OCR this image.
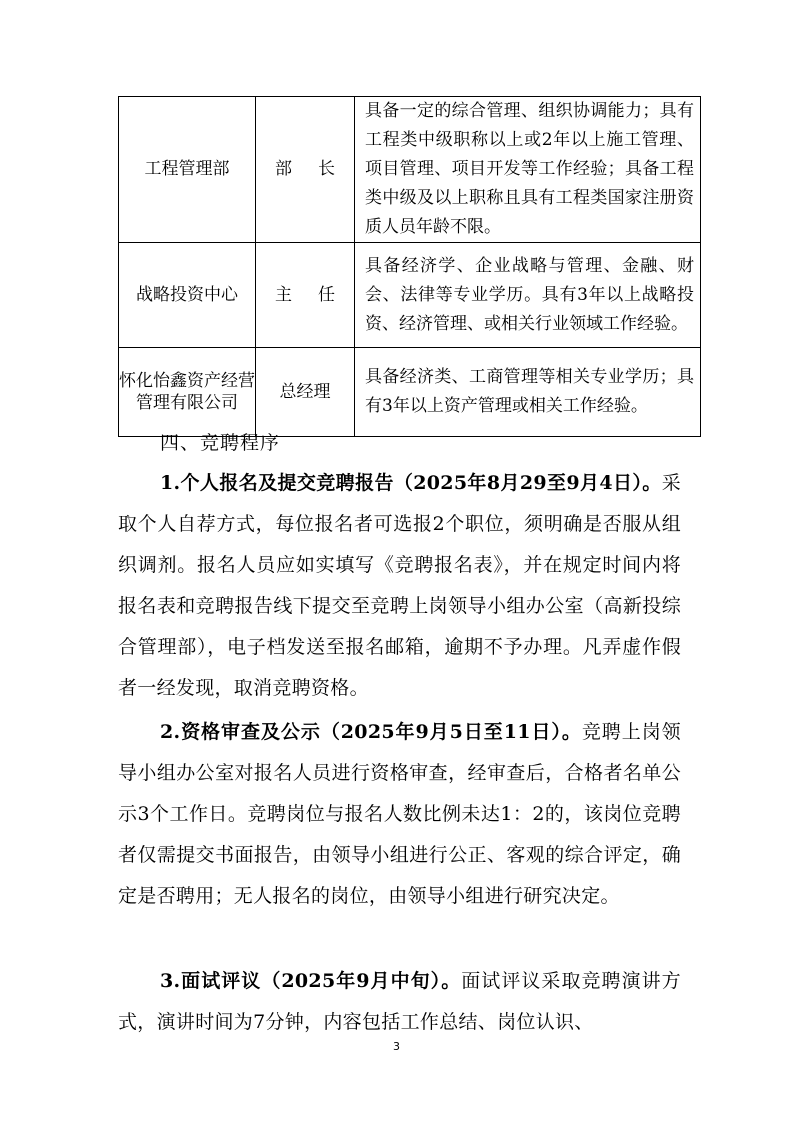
工程管理部	部长	具备一定的综合管理、组织协调能力；具有工程类中级职称以上或2年以上施工管理、项目管理、项目开发等工作经验；具备工程类中级及以上职称且具有工程类国家注册资质人员年龄不限。
战略投资中心	主任	具备经济学、企业战略与管理、金融、财会、法律等专业学历。具有3年以上战略投资、经济管理、或相关行业领域工作经验。
怀化怡鑫资产经营管理有限公司	总经理	具备经济类、工商管理等相关专业学历；具有3年以上资产管理或相关工作经验。
四、竞聘程序
1.个人报名及提交竞聘报告（2025年8月29至9月4日）。采取个人自荐方式，每位报名者可选报2个职位，须明确是否服从组织调剂。报名人员应如实填写《竞聘报名表》，并在规定时间内将报名表和竞聘报告线下提交至竞聘上岗领导小组办公室（高新投综合管理部），电子档发送至报名邮箱，逾期不予办理。凡弄虚作假者一经发现，取消竞聘资格。
2.资格审查及公示（2025年9月5日至11日）。竞聘上岗领导小组办公室对报名人员进行资格审查，经审查后，合格者名单公示3个工作日。竞聘岗位与报名人数比例未达1：2的，该岗位竞聘者仅需提交书面报告，由领导小组进行公正、客观的综合评定，确定是否聘用；无人报名的岗位，由领导小组进行研究决定。
3.面试评议（2025年9月中旬）。面试评议采取竞聘演讲方式，演讲时间为7分钟，内容包括工作总结、岗位认识、
3
